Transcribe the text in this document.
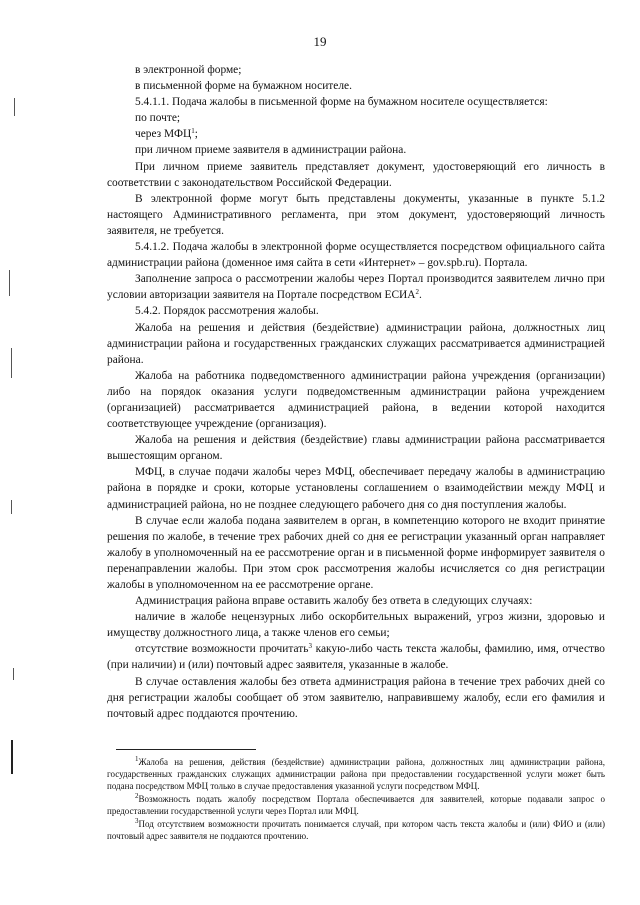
19

в электронной форме;

в письменной форме на бумажном носителе.

5.4.1.1. Подача жалобы в письменной форме на бумажном носителе осуществляется:

по почте;

через МФЦ$^1$;

при личном приеме заявителя в администрации района.

При личном приеме заявитель представляет документ, удостоверяющий его личность в соответствии с законодательством Российской Федерации.

В электронной форме могут быть представлены документы, указанные в пункте 5.1.2 настоящего Административного регламента, при этом документ, удостоверяющий личность заявителя, не требуется.

5.4.1.2. Подача жалобы в электронной форме осуществляется посредством официального сайта администрации района (доменное имя сайта в сети «Интернет» – gov.spb.ru). Портала.

Заполнение запроса о рассмотрении жалобы через Портал производится заявителем лично при условии авторизации заявителя на Портале посредством ЕСИА$^2$.

5.4.2. Порядок рассмотрения жалобы.

Жалоба на решения и действия (бездействие) администрации района, должностных лиц администрации района и государственных гражданских служащих рассматривается администрацией района.

Жалоба на работника подведомственного администрации района учреждения (организации) либо на порядок оказания услуги подведомственным администрации района учреждением (организацией) рассматривается администрацией района, в ведении которой находится соответствующее учреждение (организация).

Жалоба на решения и действия (бездействие) главы администрации района рассматривается вышестоящим органом.

МФЦ, в случае подачи жалобы через МФЦ, обеспечивает передачу жалобы в администрацию района в порядке и сроки, которые установлены соглашением о взаимодействии между МФЦ и администрацией района, но не позднее следующего рабочего дня со дня поступления жалобы.

В случае если жалоба подана заявителем в орган, в компетенцию которого не входит принятие решения по жалобе, в течение трех рабочих дней со дня ее регистрации указанный орган направляет жалобу в уполномоченный на ее рассмотрение орган и в письменной форме информирует заявителя о перенаправлении жалобы. При этом срок рассмотрения жалобы исчисляется со дня регистрации жалобы в уполномоченном на ее рассмотрение органе.

Администрация района вправе оставить жалобу без ответа в следующих случаях:

наличие в жалобе нецензурных либо оскорбительных выражений, угроз жизни, здоровью и имуществу должностного лица, а также членов его семьи;

отсутствие возможности прочитать$^3$ какую-либо часть текста жалобы, фамилию, имя, отчество (при наличии) и (или) почтовый адрес заявителя, указанные в жалобе.

В случае оставления жалобы без ответа администрация района в течение трех рабочих дней со дня регистрации жалобы сообщает об этом заявителю, направившему жалобу, если его фамилия и почтовый адрес поддаются прочтению.

$^1$Жалоба на решения, действия (бездействие) администрации района, должностных лиц администрации района, государственных гражданских служащих администрации района при предоставлении государственной услуги может быть подана посредством МФЦ только в случае предоставления указанной услуги посредством МФЦ.

$^2$Возможность подать жалобу посредством Портала обеспечивается для заявителей, которые подавали запрос о предоставлении государственной услуги через Портал или МФЦ.

$^3$Под отсутствием возможности прочитать понимается случай, при котором часть текста жалобы и (или) ФИО и (или) почтовый адрес заявителя не поддаются прочтению.
